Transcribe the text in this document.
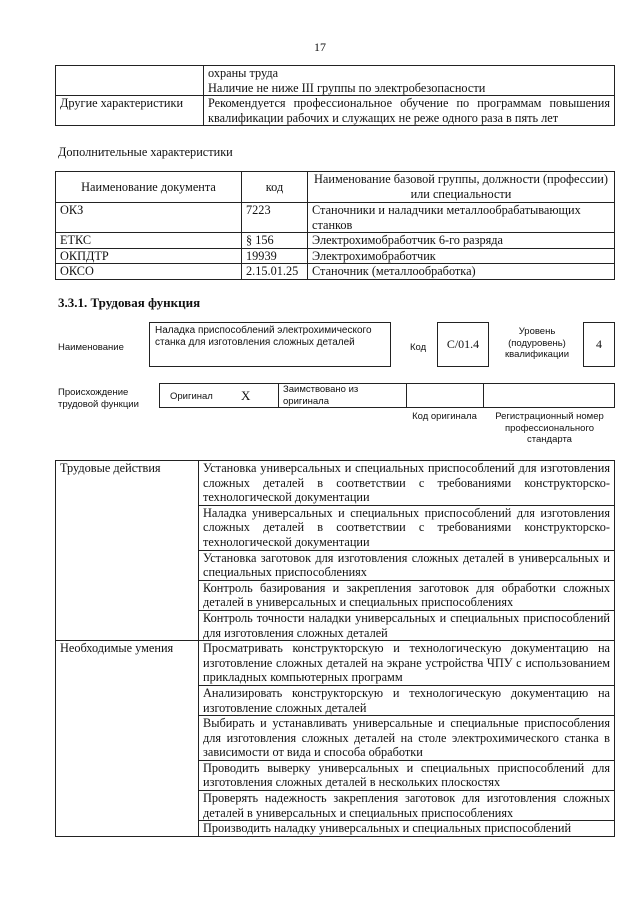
17

	охраны труда
Наличие не ниже III группы по электробезопасности

Другие характеристики	Рекомендуется профессиональное обучение по программам повышения квалификации рабочих и служащих не реже одного раза в пять лет
Дополнительные характеристики
Наименование документа	код	Наименование базовой группы, должности (профессии) или специальности
ОКЗ	7223	Станочники и наладчики металлообрабатывающих станков
ЕТКС	§ 156	Электрохимобработчик 6-го разряда
ОКПДТР	19939	Электрохимобработчик
ОКСО	2.15.01.25	Станочник (металлообработка)
3.3.1. Трудовая функция
Наименование
Наладка приспособлений электрохимического станка для изготовления сложных деталей	Код	С/01.4
Уровень (подуровень) квалификации
4
Происхождение трудовой функции
Оригинал X	Заимствовано из оригинала
Код оригинала	Регистрационный номер профессионального стандарта
Трудовые действия	Установка универсальных и специальных приспособлений для изготовления сложных деталей в соответствии с требованиями конструкторско-технологической документации
	Наладка универсальных и специальных приспособлений для изготовления сложных деталей в соответствии с требованиями конструкторско-технологической документации
	Установка заготовок для изготовления сложных деталей в универсальных и специальных приспособлениях
	Контроль базирования и закрепления заготовок для обработки сложных деталей в универсальных и специальных приспособлениях
	Контроль точности наладки универсальных и специальных приспособлений для изготовления сложных деталей
Необходимые умения	Просматривать конструкторскую и технологическую документацию на изготовление сложных деталей на экране устройства ЧПУ с использованием прикладных компьютерных программ
	Анализировать конструкторскую и технологическую документацию на изготовление сложных деталей
	Выбирать и устанавливать универсальные и специальные приспособления для изготовления сложных деталей на столе электрохимического станка в зависимости от вида и способа обработки
	Проводить выверку универсальных и специальных приспособлений для изготовления сложных деталей в нескольких плоскостях
	Проверять надежность закрепления заготовок для изготовления сложных деталей в универсальных и специальных приспособлениях
	Производить наладку универсальных и специальных приспособлений
